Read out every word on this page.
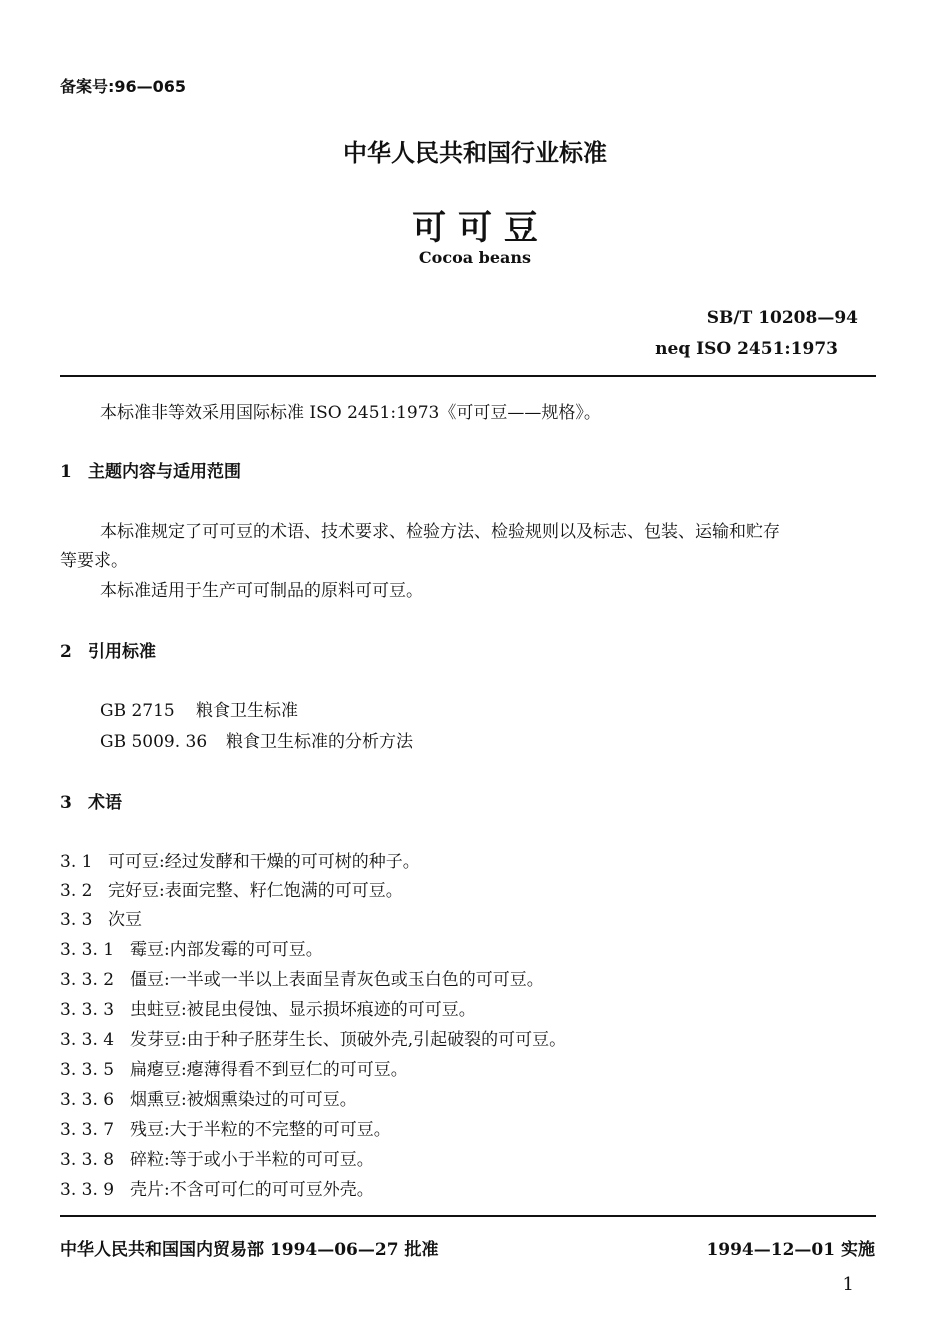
备案号:96—065
中华人民共和国行业标准
可 可 豆
Cocoa beans
SB/T 10208—94
neq ISO 2451:1973
本标准非等效采用国际标准 ISO 2451:1973《可可豆——规格》。
1 主题内容与适用范围
本标准规定了可可豆的术语、技术要求、检验方法、检验规则以及标志、包装、运输和贮存
等要求。
本标准适用于生产可可制品的原料可可豆。
2 引用标准
GB 2715 粮食卫生标准
GB 5009. 36 粮食卫生标准的分析方法
3 术语
3. 1 可可豆:经过发酵和干燥的可可树的种子。
3. 2 完好豆:表面完整、籽仁饱满的可可豆。
3. 3 次豆
3. 3. 1 霉豆:内部发霉的可可豆。
3. 3. 2 僵豆:一半或一半以上表面呈青灰色或玉白色的可可豆。
3. 3. 3 虫蛀豆:被昆虫侵蚀、显示损坏痕迹的可可豆。
3. 3. 4 发芽豆:由于种子胚芽生长、顶破外壳,引起破裂的可可豆。
3. 3. 5 扁瘪豆:瘪薄得看不到豆仁的可可豆。
3. 3. 6 烟熏豆:被烟熏染过的可可豆。
3. 3. 7 残豆:大于半粒的不完整的可可豆。
3. 3. 8 碎粒:等于或小于半粒的可可豆。
3. 3. 9 壳片:不含可可仁的可可豆外壳。
中华人民共和国国内贸易部 1994—06—27 批准	1994—12—01 实施
1
